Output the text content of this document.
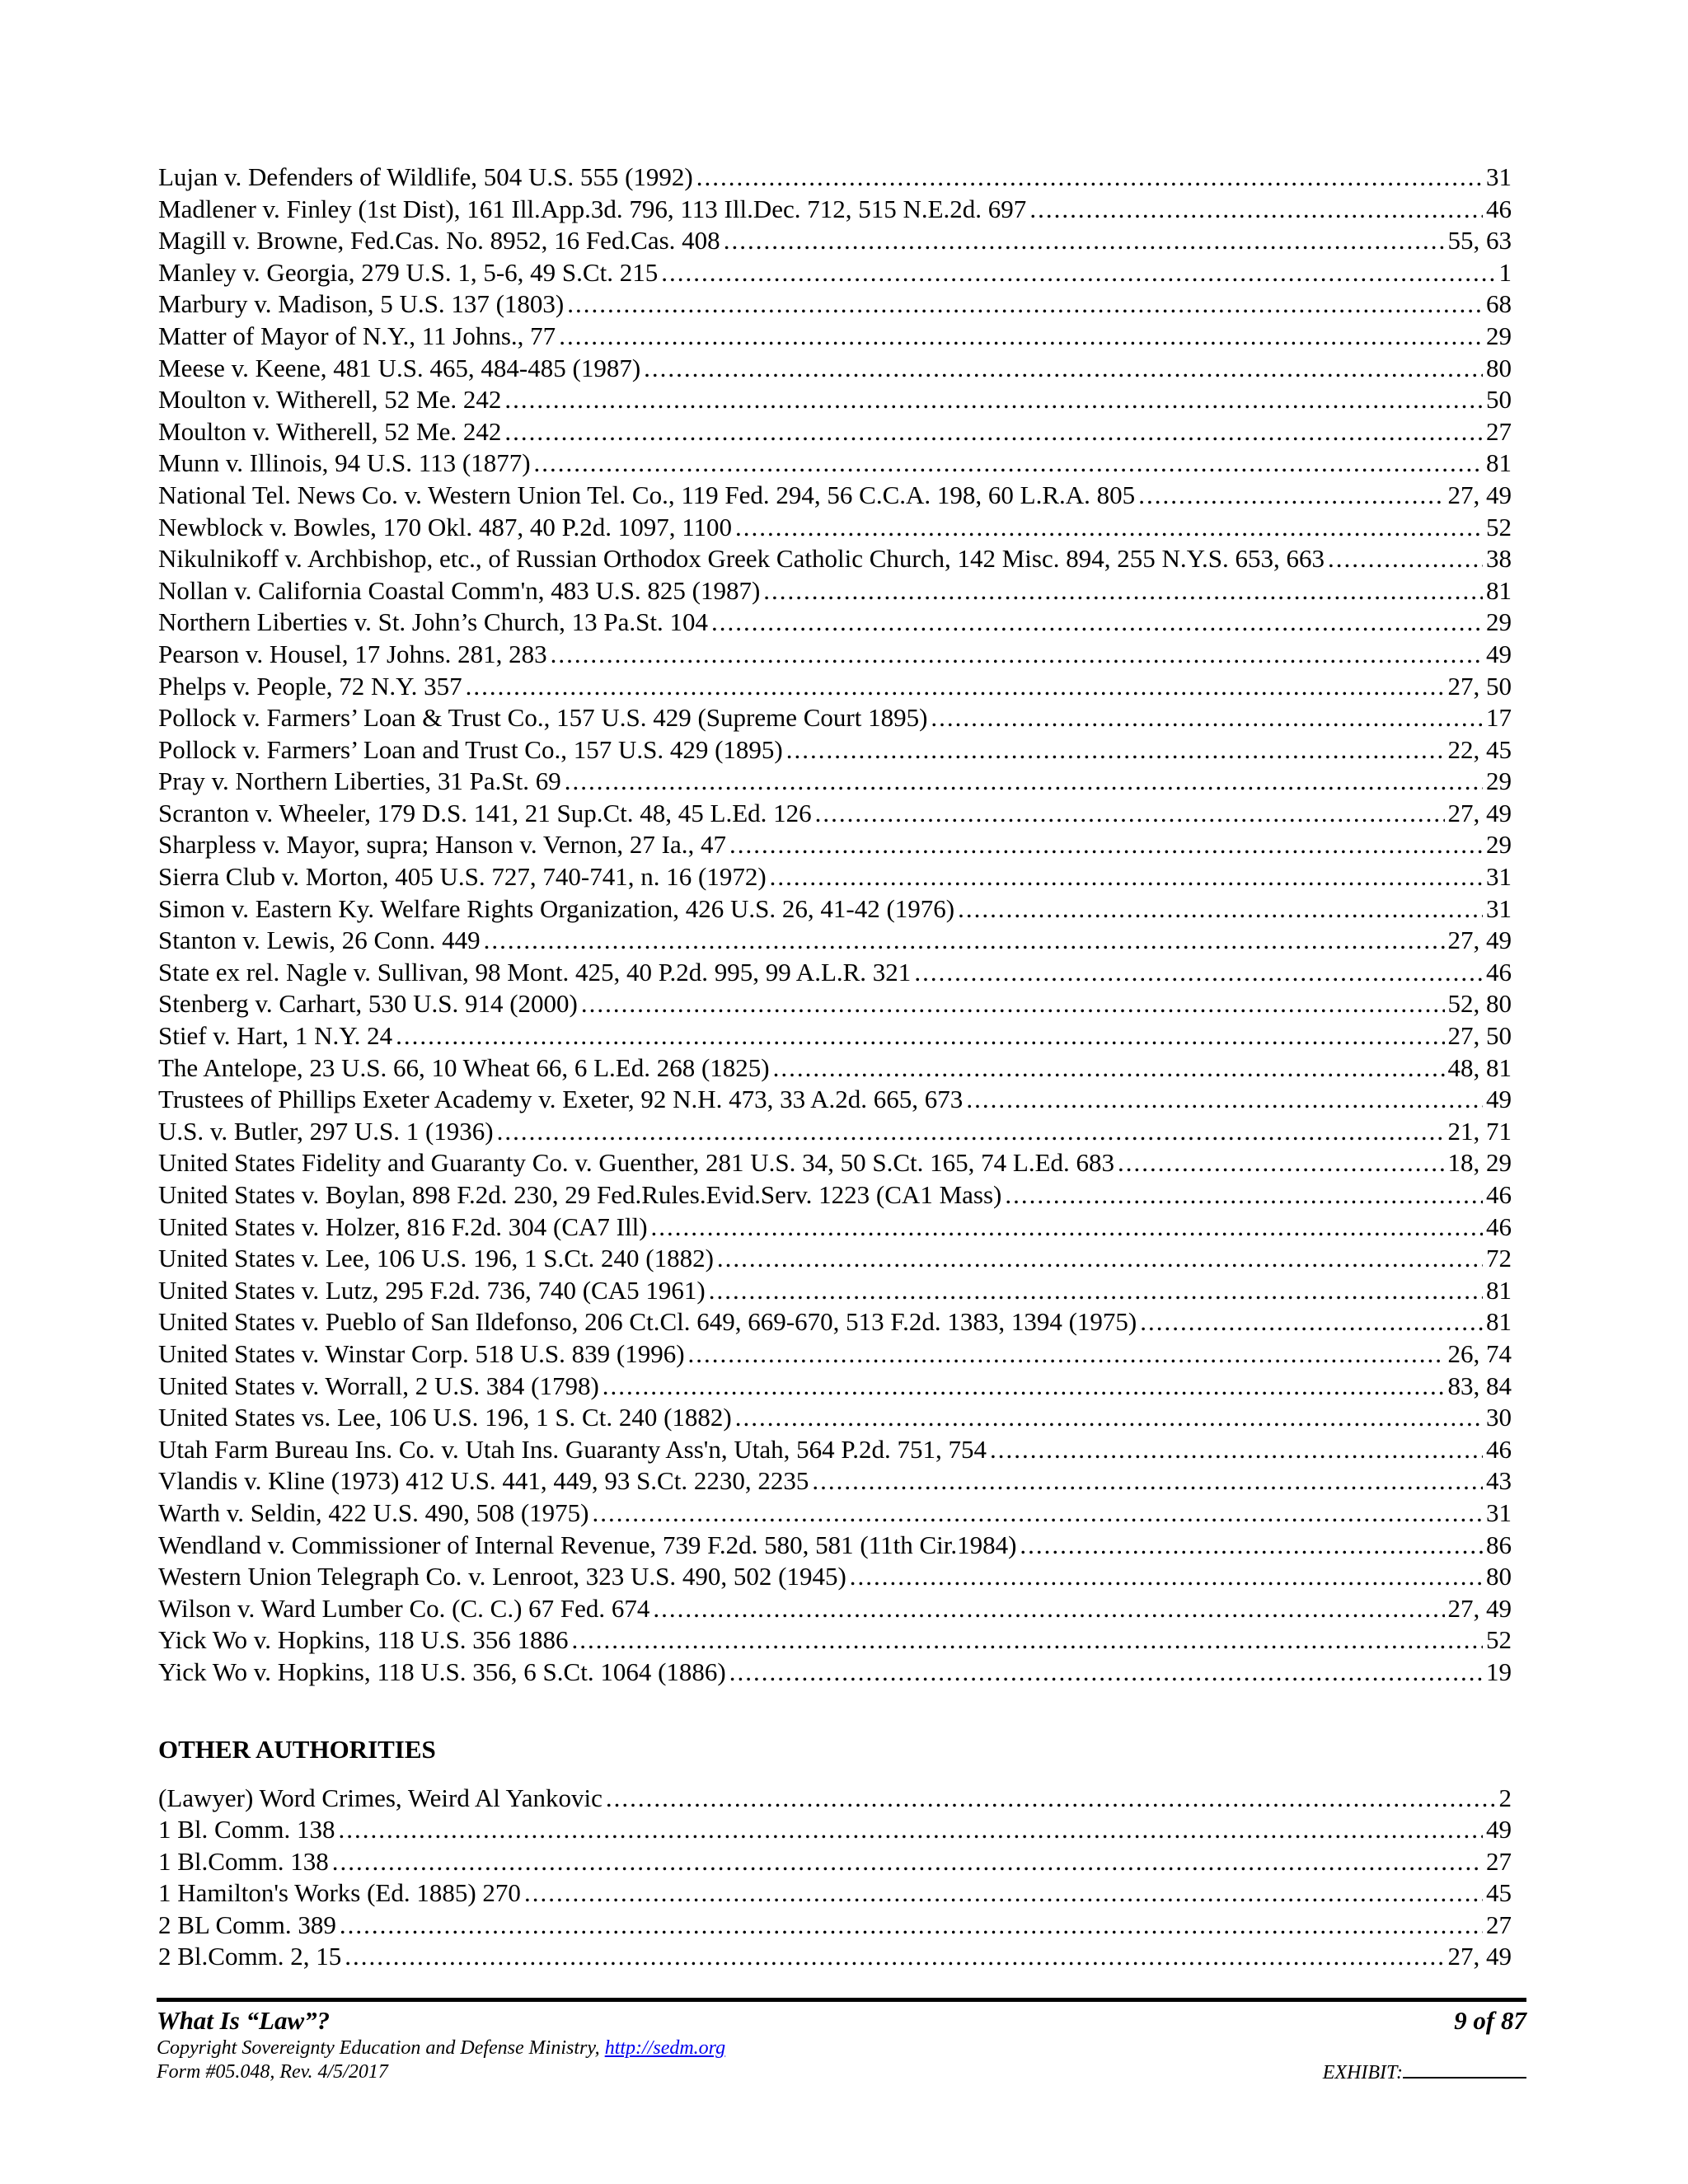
Lujan v. Defenders of Wildlife, 504 U.S. 555 (1992) .....	31
Madlener v. Finley (1st Dist), 161 Ill.App.3d. 796, 113 Ill.Dec. 712, 515 N.E.2d. 697 .....	46
Magill v. Browne, Fed.Cas. No. 8952, 16 Fed.Cas. 408 .....	55, 63
Manley v. Georgia, 279 U.S. 1, 5-6, 49 S.Ct. 215 .....	1
Marbury v. Madison, 5 U.S. 137 (1803) .....	68
Matter of Mayor of N.Y., 11 Johns., 77 .....	29
Meese v. Keene, 481 U.S. 465, 484-485 (1987) .....	80
Moulton v. Witherell, 52 Me. 242 .....	50
Moulton v. Witherell, 52 Me. 242 .....	27
Munn v. Illinois, 94 U.S. 113 (1877) .....	81
National Tel. News Co. v. Western Union Tel. Co., 119 Fed. 294, 56 C.C.A. 198, 60 L.R.A. 805 .....	27, 49
Newblock v. Bowles, 170 Okl. 487, 40 P.2d. 1097, 1100 .....	52
Nikulnikoff v. Archbishop, etc., of Russian Orthodox Greek Catholic Church, 142 Misc. 894, 255 N.Y.S. 653, 663 .....	38
Nollan v. California Coastal Comm'n, 483 U.S. 825 (1987) .....	81
Northern Liberties v. St. John’s Church, 13 Pa.St. 104 .....	29
Pearson v. Housel, 17 Johns. 281, 283 .....	49
Phelps v. People, 72 N.Y. 357 .....	27, 50
Pollock v. Farmers’ Loan & Trust Co., 157 U.S. 429 (Supreme Court 1895) .....	17
Pollock v. Farmers’ Loan and Trust Co., 157 U.S. 429 (1895) .....	22, 45
Pray v. Northern Liberties, 31 Pa.St. 69 .....	29
Scranton v. Wheeler, 179 D.S. 141, 21 Sup.Ct. 48, 45 L.Ed. 126 .....	27, 49
Sharpless v. Mayor, supra; Hanson v. Vernon, 27 Ia., 47 .....	29
Sierra Club v. Morton, 405 U.S. 727, 740-741, n. 16 (1972) .....	31
Simon v. Eastern Ky. Welfare Rights Organization, 426 U.S. 26, 41-42 (1976) .....	31
Stanton v. Lewis, 26 Conn. 449 .....	27, 49
State ex rel. Nagle v. Sullivan, 98 Mont. 425, 40 P.2d. 995, 99 A.L.R. 321 .....	46
Stenberg v. Carhart, 530 U.S. 914 (2000) .....	52, 80
Stief v. Hart, 1 N.Y. 24 .....	27, 50
The Antelope, 23 U.S. 66, 10 Wheat 66, 6 L.Ed. 268 (1825) .....	48, 81
Trustees of Phillips Exeter Academy v. Exeter, 92 N.H. 473, 33 A.2d. 665, 673 .....	49
U.S. v. Butler, 297 U.S. 1 (1936) .....	21, 71
United States Fidelity and Guaranty Co. v. Guenther, 281 U.S. 34, 50 S.Ct. 165, 74 L.Ed. 683 .....	18, 29
United States v. Boylan, 898 F.2d. 230, 29 Fed.Rules.Evid.Serv. 1223 (CA1 Mass) .....	46
United States v. Holzer, 816 F.2d. 304 (CA7 Ill) .....	46
United States v. Lee, 106 U.S. 196, 1 S.Ct. 240 (1882) .....	72
United States v. Lutz, 295 F.2d. 736, 740 (CA5 1961) .....	81
United States v. Pueblo of San Ildefonso, 206 Ct.Cl. 649, 669-670, 513 F.2d. 1383, 1394 (1975) .....	81
United States v. Winstar Corp. 518 U.S. 839 (1996) .....	26, 74
United States v. Worrall, 2 U.S. 384 (1798) .....	83, 84
United States vs. Lee, 106 U.S. 196, 1 S. Ct. 240 (1882) .....	30
Utah Farm Bureau Ins. Co. v. Utah Ins. Guaranty Ass'n, Utah, 564 P.2d. 751, 754 .....	46
Vlandis v. Kline (1973) 412 U.S. 441, 449, 93 S.Ct. 2230, 2235 .....	43
Warth v. Seldin, 422 U.S. 490, 508 (1975) .....	31
Wendland v. Commissioner of Internal Revenue, 739 F.2d. 580, 581 (11th Cir.1984) .....	86
Western Union Telegraph Co. v. Lenroot, 323 U.S. 490, 502 (1945) .....	80
Wilson v. Ward Lumber Co. (C. C.) 67 Fed. 674 .....	27, 49
Yick Wo v. Hopkins, 118 U.S. 356 1886 .....	52
Yick Wo v. Hopkins, 118 U.S. 356, 6 S.Ct. 1064 (1886) .....	19
OTHER AUTHORITIES
(Lawyer) Word Crimes, Weird Al Yankovic .....	2
1 Bl. Comm. 138 .....	49
1 Bl.Comm. 138 .....	27
1 Hamilton's Works (Ed. 1885) 270 .....	45
2 BL Comm. 389 .....	27
2 Bl.Comm. 2, 15 .....	27, 49
What Is “Law”?	9 of 87
Copyright Sovereignty Education and Defense Ministry, http://sedm.org
Form #05.048, Rev. 4/5/2017	EXHIBIT:
